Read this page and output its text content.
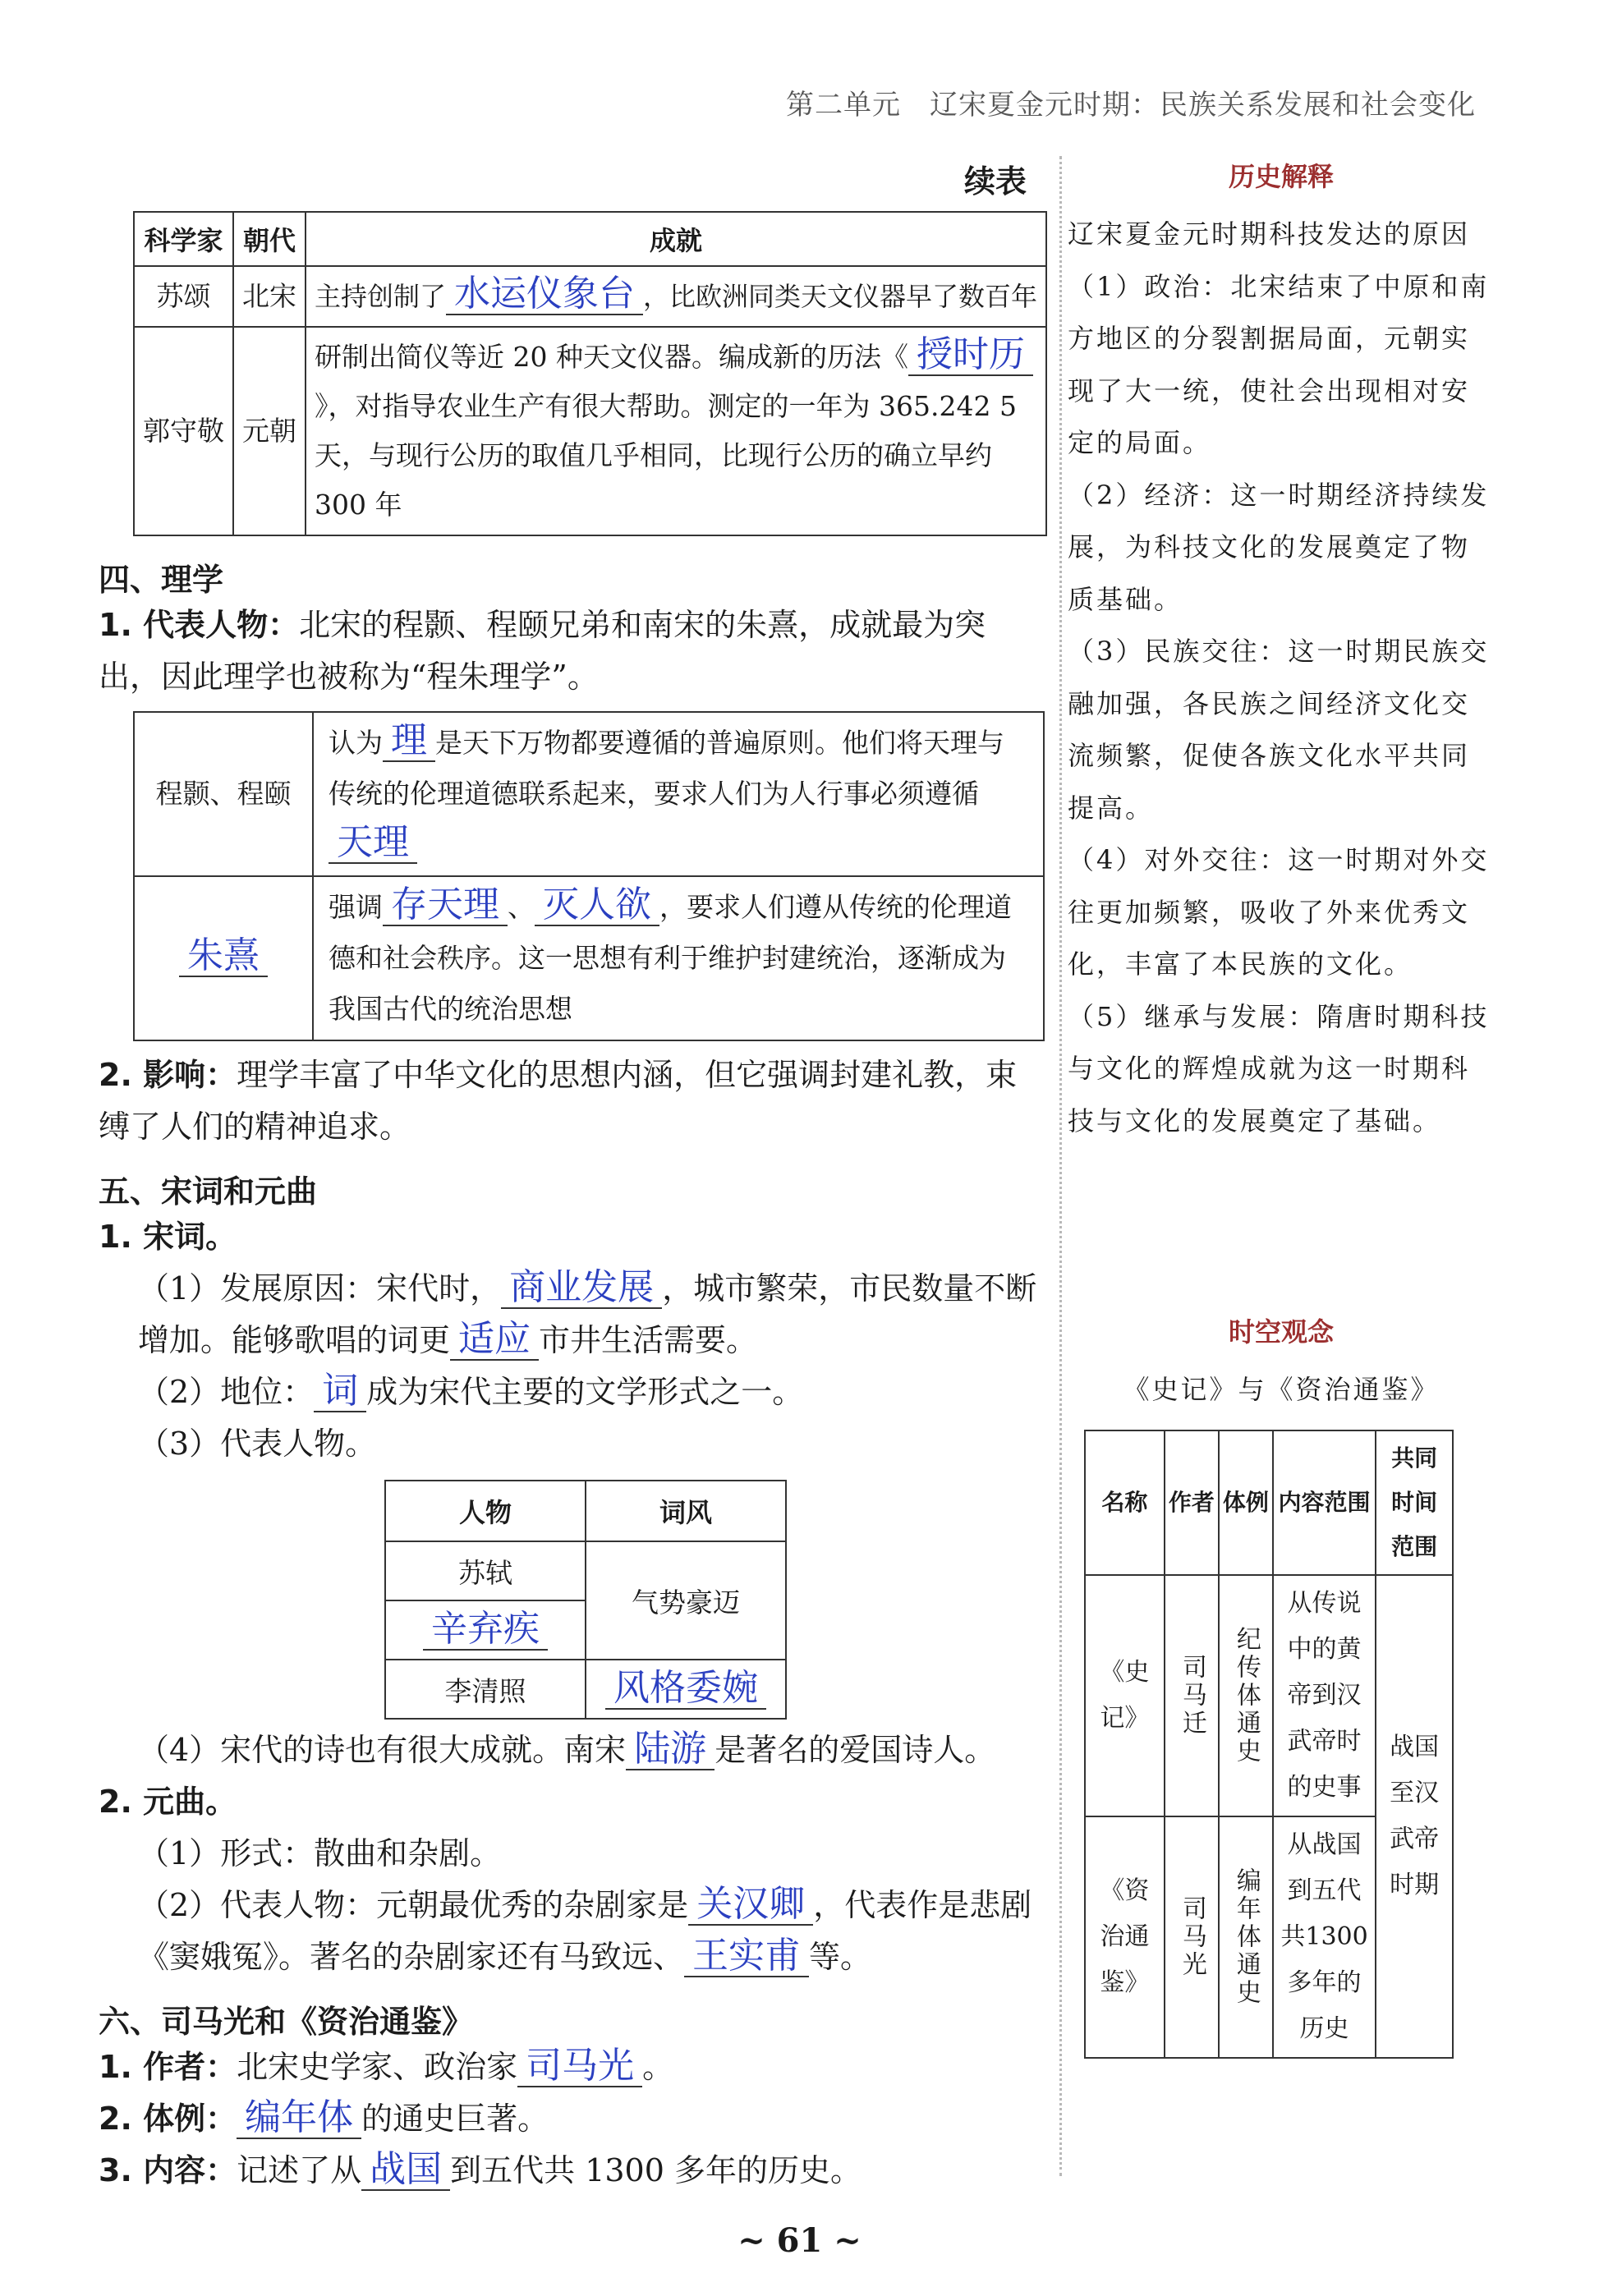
第二单元　辽宋夏金元时期：民族关系发展和社会变化
续表
科学家	朝代	成就
苏颂	北宋	主持创制了 水运仪象台 ，比欧洲同类天文仪器早了数百年
郭守敬	元朝	研制出简仪等近 20 种天文仪器。编成新的历法《 授时历》，对指导农业生产有很大帮助。测定的一年为 365.242 5 天，与现行公历的取值几乎相同，比现行公历的确立早约 300 年
四、理学
1. 代表人物：北宋的程颢、程颐兄弟和南宋的朱熹，成就最为突出，因此理学也被称为“程朱理学”。
程颢、程颐	认为 理 是天下万物都要遵循的普遍原则。他们将天理与传统的伦理道德联系起来，要求人们为人行事必须遵循天理
朱熹	强调 存天理 、 灭人欲 ，要求人们遵从传统的伦理道德和社会秩序。这一思想有利于维护封建统治，逐渐成为我国古代的统治思想
2. 影响：理学丰富了中华文化的思想内涵，但它强调封建礼教，束缚了人们的精神追求。
五、宋词和元曲
1. 宋词。
（1）发展原因：宋代时， 商业发展 ，城市繁荣，市民数量不断增加。能够歌唱的词更 适应 市井生活需要。
（2）地位： 词 成为宋代主要的文学形式之一。
（3）代表人物。
人物	词风
苏轼	气势豪迈
辛弃疾	
李清照	风格委婉
（4）宋代的诗也有很大成就。南宋 陆游 是著名的爱国诗人。
2. 元曲。
（1）形式：散曲和杂剧。
（2）代表人物：元朝最优秀的杂剧家是 关汉卿 ，代表作是悲剧《窦娥冤》。著名的杂剧家还有马致远、 王实甫 等。
六、司马光和《资治通鉴》
1. 作者：北宋史学家、政治家 司马光 。
2. 体例： 编年体 的通史巨著。
3. 内容：记述了从 战国 到五代共 1300 多年的历史。
历史解释

辽宋夏金元时期科技发达的原因

（1）政治：北宋结束了中原和南方地区的分裂割据局面，元朝实现了大一统，使社会出现相对安定的局面。

（2）经济：这一时期经济持续发展，为科技文化的发展奠定了物质基础。

（3）民族交往：这一时期民族交融加强，各民族之间经济文化交流频繁，促使各族文化水平共同提高。

（4）对外交往：这一时期对外交往更加频繁，吸收了外来优秀文化，丰富了本民族的文化。

（5）继承与发展：隋唐时期科技与文化的辉煌成就为这一时期科技与文化的发展奠定了基础。

时空观念

《史记》与《资治通鉴》

名称	作者	体例	内容范围	共同时间范围
《史记》	司马迁	纪传体通史	从传说中的黄帝到汉武帝时的史事	战国至汉武帝时期
《资治通鉴》	司马光	编年体通史	从战国到五代共1300多年的历史	
~ 61 ~
